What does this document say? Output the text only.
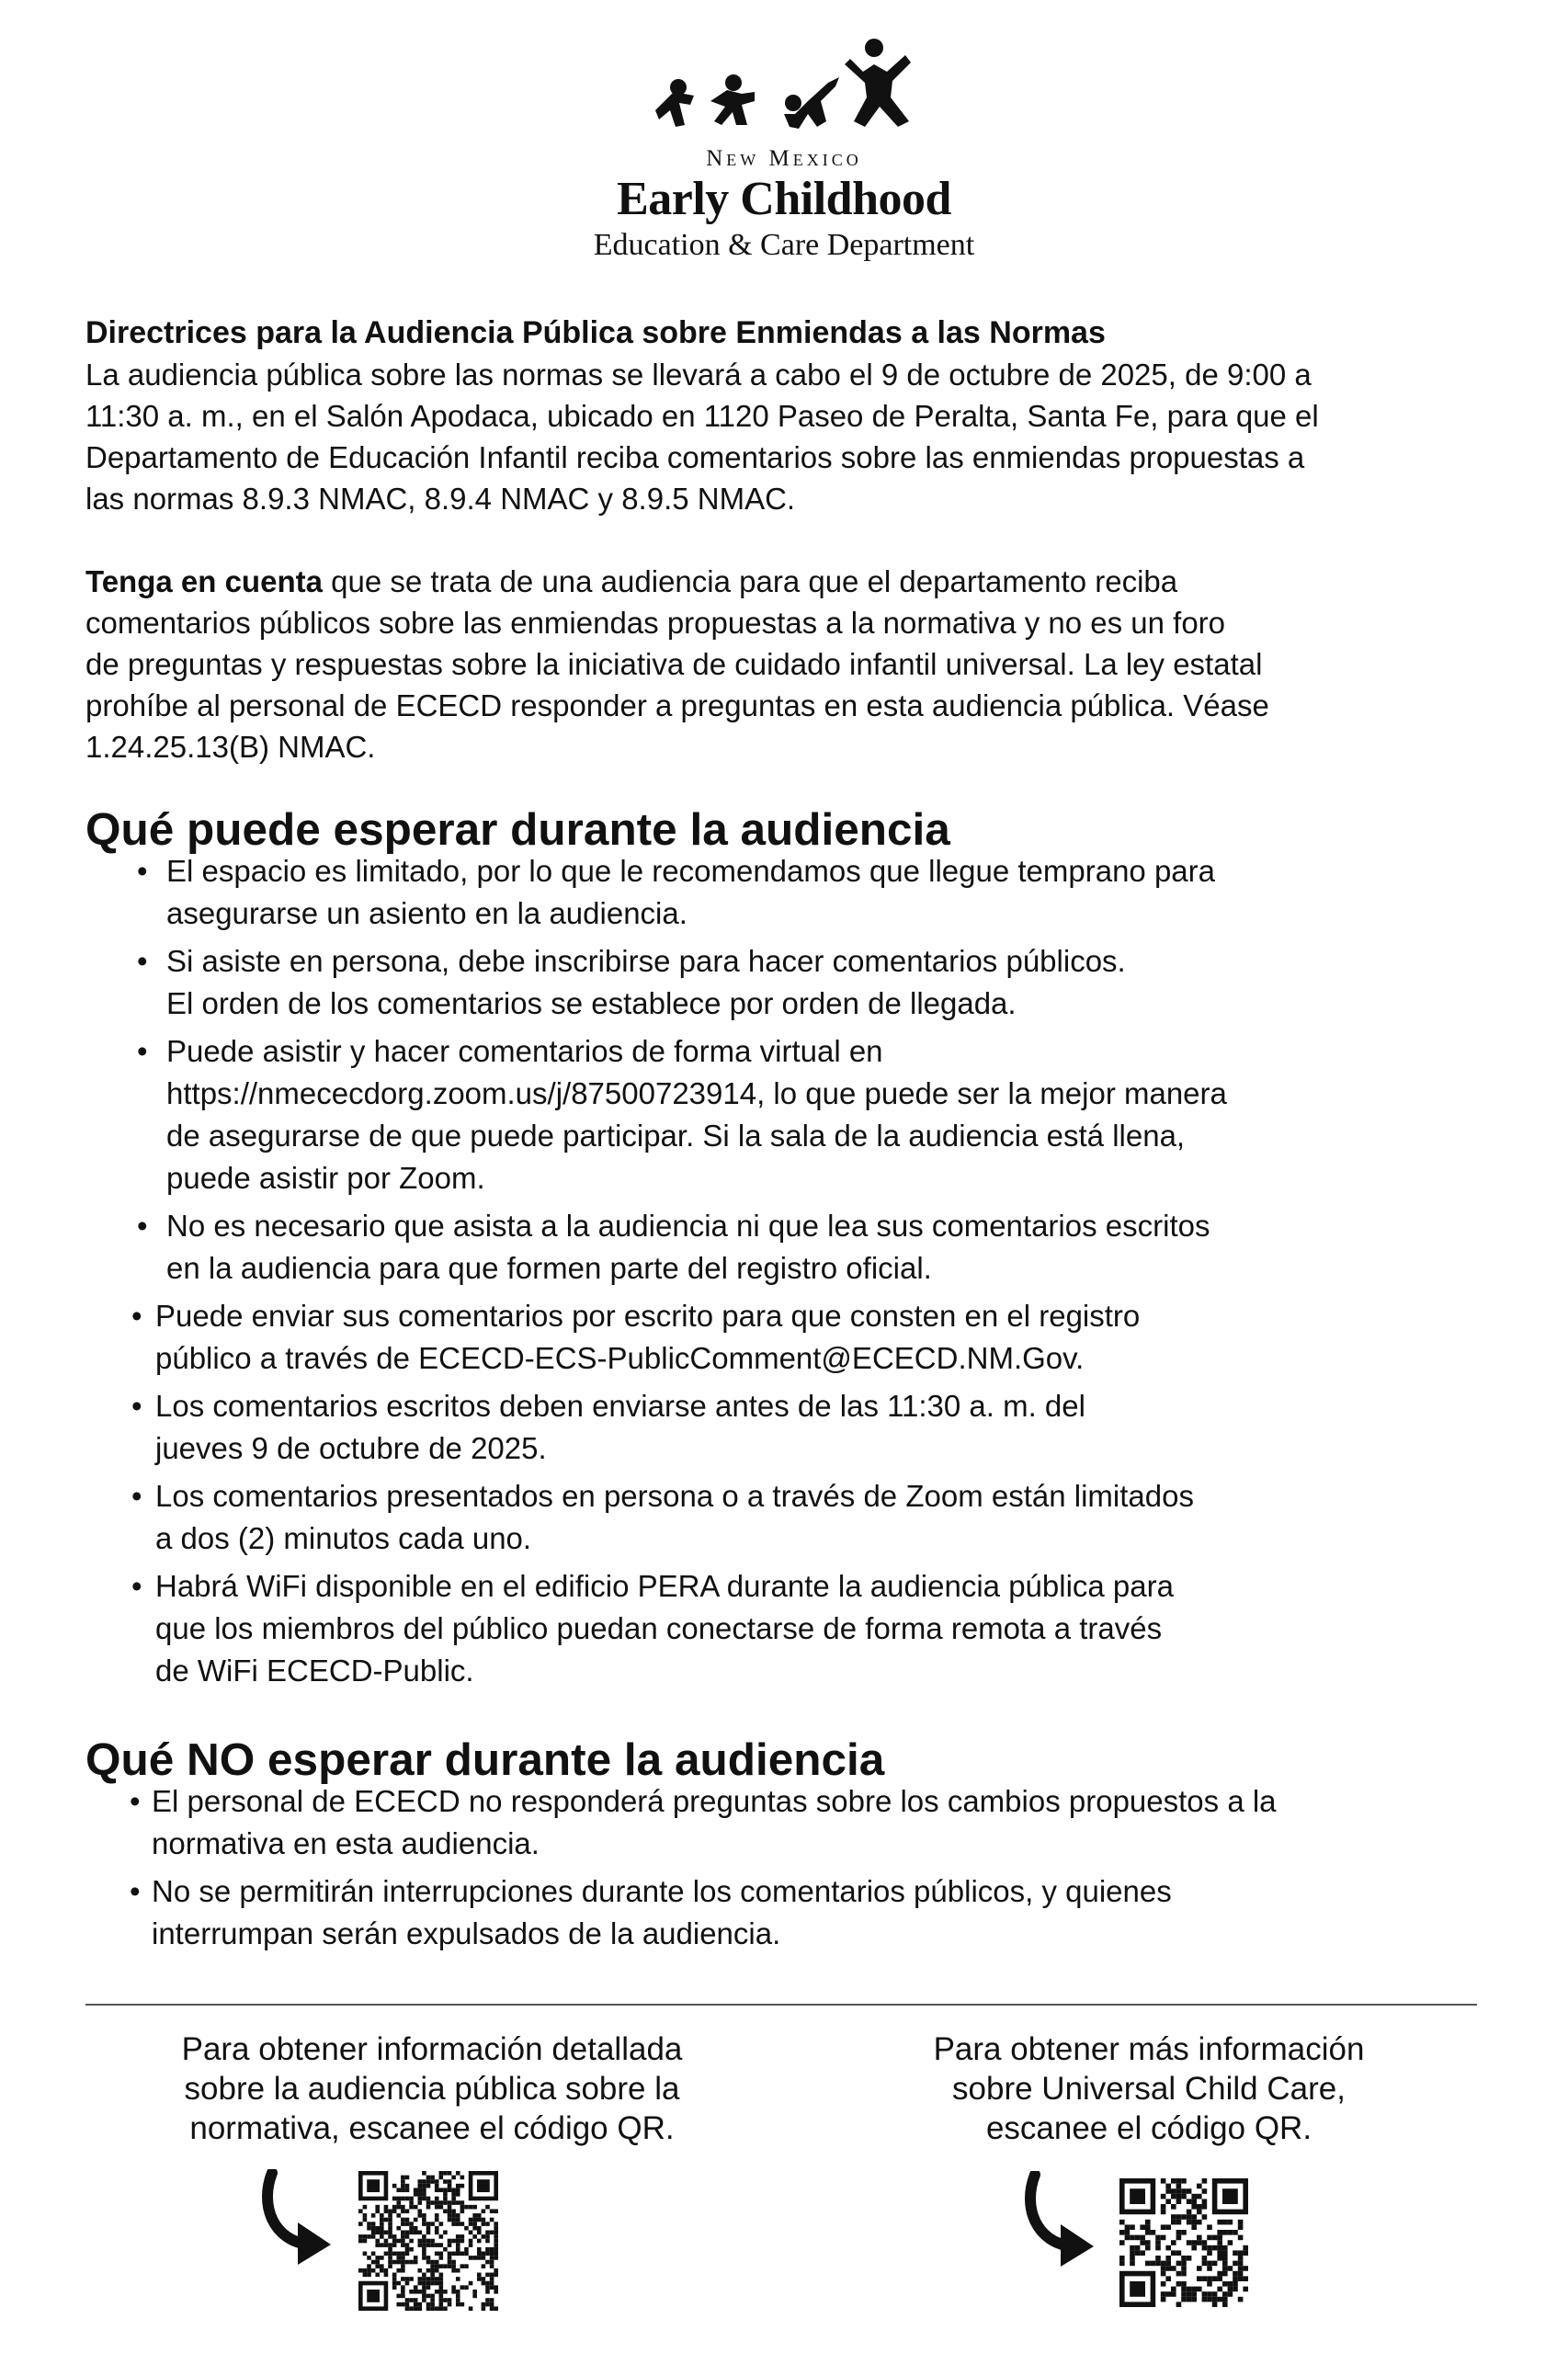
New Mexico
Early Childhood
Education & Care Department
Directrices para la Audiencia Pública sobre Enmiendas a las Normas

La audiencia pública sobre las normas se llevará a cabo el 9 de octubre de 2025, de 9:00 a
11:30 a. m., en el Salón Apodaca, ubicado en 1120 Paseo de Peralta, Santa Fe, para que el
Departamento de Educación Infantil reciba comentarios sobre las enmiendas propuestas a
las normas 8.9.3 NMAC, 8.9.4 NMAC y 8.9.5 NMAC.

Tenga en cuenta que se trata de una audiencia para que el departamento reciba
comentarios públicos sobre las enmiendas propuestas a la normativa y no es un foro
de preguntas y respuestas sobre la iniciativa de cuidado infantil universal. La ley estatal
prohíbe al personal de ECECD responder a preguntas en esta audiencia pública. Véase
1.24.25.13(B) NMAC.

Qué puede esperar durante la audiencia
• El espacio es limitado, por lo que le recomendamos que llegue temprano para
asegurarse un asiento en la audiencia.
• Si asiste en persona, debe inscribirse para hacer comentarios públicos.
El orden de los comentarios se establece por orden de llegada.
• Puede asistir y hacer comentarios de forma virtual en
https://nmececdorg.zoom.us/j/87500723914, lo que puede ser la mejor manera
de asegurarse de que puede participar. Si la sala de la audiencia está llena,
puede asistir por Zoom.
• No es necesario que asista a la audiencia ni que lea sus comentarios escritos
en la audiencia para que formen parte del registro oficial.
• Puede enviar sus comentarios por escrito para que consten en el registro
público a través de ECECD-ECS-PublicComment@ECECD.NM.Gov.
• Los comentarios escritos deben enviarse antes de las 11:30 a. m. del
jueves 9 de octubre de 2025.
• Los comentarios presentados en persona o a través de Zoom están limitados
a dos (2) minutos cada uno.
• Habrá WiFi disponible en el edificio PERA durante la audiencia pública para
que los miembros del público puedan conectarse de forma remota a través
de WiFi ECECD-Public.
Qué NO esperar durante la audiencia
• El personal de ECECD no responderá preguntas sobre los cambios propuestos a la
normativa en esta audiencia.
• No se permitirán interrupciones durante los comentarios públicos, y quienes
interrumpan serán expulsados de la audiencia.
Para obtener información detallada
sobre la audiencia pública sobre la
normativa, escanee el código QR.
Para obtener más información
sobre Universal Child Care,
escanee el código QR.
